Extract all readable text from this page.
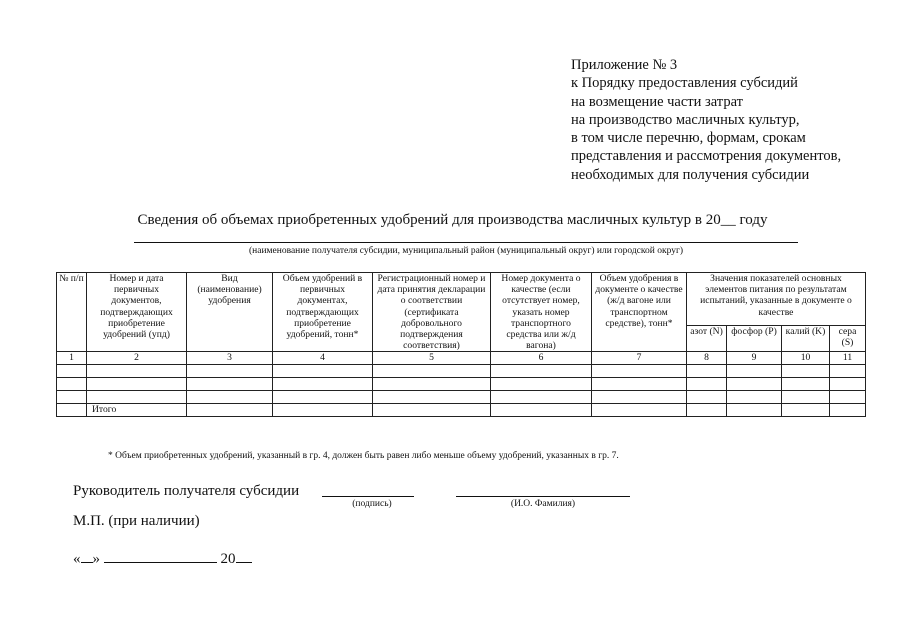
Приложение № 3
к Порядку предоставления субсидий
на возмещение части затрат
на производство масличных культур,
в том числе перечню, формам, срокам
представления и рассмотрения документов,
необходимых для получения субсидии
Сведения об объемах приобретенных удобрений для производства масличных культур в 20__ году
(наименование получателя субсидии, муниципальный район (муниципальный округ) или городской округ)
№ п/п	Номер и дата первичных документов, подтверждающих приобретение удобрений (упд)	Вид (наименование) удобрения	Объем удобрений в первичных документах, подтверждающих приобретение удобрений, тонн*	Регистрационный номер и дата принятия декларации о соответствии (сертификата добровольного подтверждения соответствия)	Номер документа о качестве (если отсутствует номер, указать номер транспортного средства или ж/д вагона)	Объем удобрения в документе о качестве (ж/д вагоне или транспортном средстве), тонн*	Значения показателей основных элементов питания по результатам испытаний, указанные в документе о качестве			
							азот (N)	фосфор (P)	калий (K)	сера (S)
1	2	3	4	5	6	7	8	9	10	11

	Итого									
* Объем приобретенных удобрений, указанный в гр. 4, должен быть равен либо меньше объему удобрений, указанных в гр. 7.
Руководитель получателя субсидии
(подпись)	(И.О. Фамилия)
М.П. (при наличии)
« »	20
